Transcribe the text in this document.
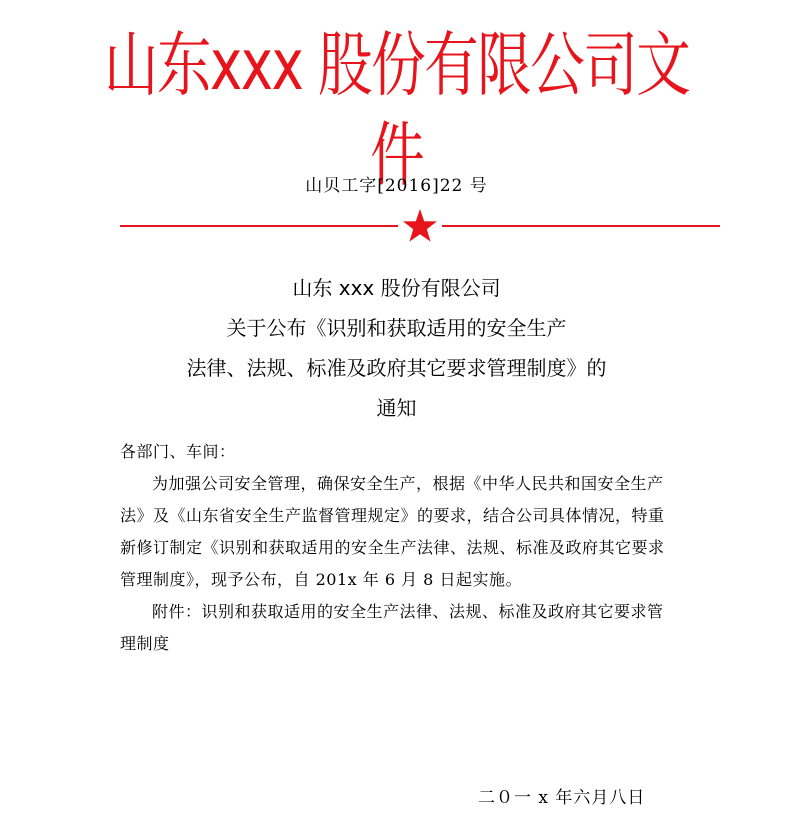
山东xxx 股份有限公司文件
山贝工字[2016]22 号
山东 xxx 股份有限公司
关于公布《识别和获取适用的安全生产
法律、法规、标准及政府其它要求管理制度》的
通知

各部门、车间：

为加强公司安全管理，确保安全生产，根据《中华人民共和国安全生产法》及《山东省安全生产监督管理规定》的要求，结合公司具体情况，特重新修订制定《识别和获取适用的安全生产法律、法规、标准及政府其它要求管理制度》，现予公布，自 201x 年 6 月 8 日起实施。

附件：识别和获取适用的安全生产法律、法规、标准及政府其它要求管理制度

二０一 x 年六月八日
